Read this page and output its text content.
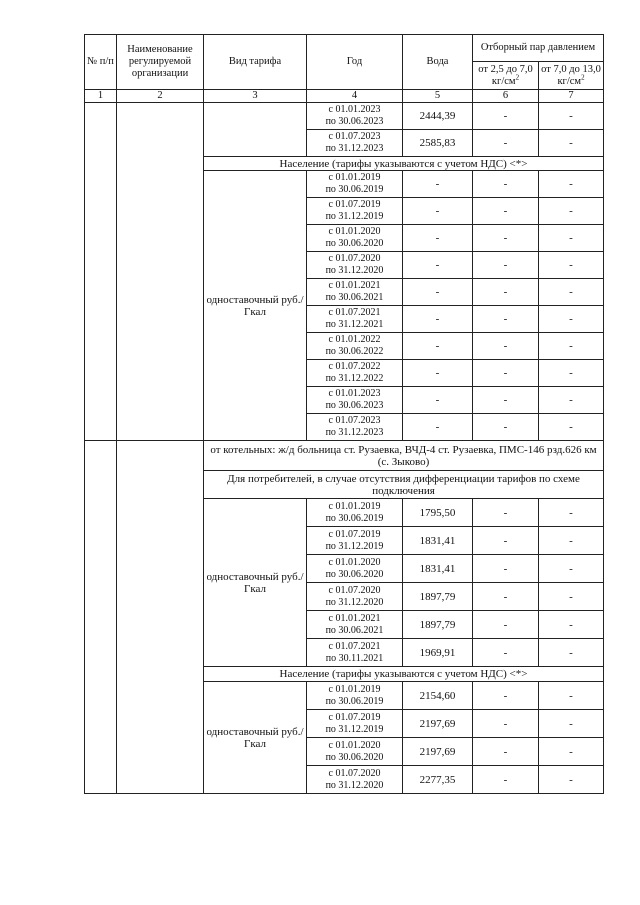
№ п/п	Наименование регулируемой организации	Вид тарифа	Год	Вода	Отборный пар давлением	
					от 2,5 до 7,0 $кг/см^2$	от 7,0 до 13,0 $кг/см^2$
1	2	3	4	5	6	7

			с 01.01.2023
по 30.06.2023	2444,39	-	-

			с 01.07.2023
по 31.12.2023	2585,83	-	-
		Население (тарифы указываются с учетом НДС) <*>				
		одноставочный руб./Гкал	с 01.01.2019
по 30.06.2019	-	-	-

			с 01.07.2019
по 31.12.2019	-	-	-

			с 01.01.2020
по 30.06.2020	-	-	-

			с 01.07.2020
по 31.12.2020	-	-	-

			с 01.01.2021
по 30.06.2021	-	-	-

			с 01.07.2021
по 31.12.2021	-	-	-

			с 01.01.2022
по 30.06.2022	-	-	-

			с 01.07.2022
по 31.12.2022	-	-	-

			с 01.01.2023
по 30.06.2023	-	-	-

			с 01.07.2023
по 31.12.2023	-	-	-
		от котельных: ж/д больница ст. Рузаевка, ВЧД-4 ст. Рузаевка, ПМС-146 рзд.626 км (с. Зыково)				
		Для потребителей, в случае отсутствия дифференциации тарифов по схеме подключения				
		одноставочный руб./Гкал	с 01.01.2019
по 30.06.2019	1795,50	-	-

			с 01.07.2019
по 31.12.2019	1831,41	-	-

			с 01.01.2020
по 30.06.2020	1831,41	-	-

			с 01.07.2020
по 31.12.2020	1897,79	-	-

			с 01.01.2021
по 30.06.2021	1897,79	-	-

			с 01.07.2021
по 30.11.2021	1969,91	-	-
		Население (тарифы указываются с учетом НДС) <*>				
		одноставочный руб./Гкал	с 01.01.2019
по 30.06.2019	2154,60	-	-

			с 01.07.2019
по 31.12.2019	2197,69	-	-

			с 01.01.2020
по 30.06.2020	2197,69	-	-

			с 01.07.2020
по 31.12.2020	2277,35	-	-
